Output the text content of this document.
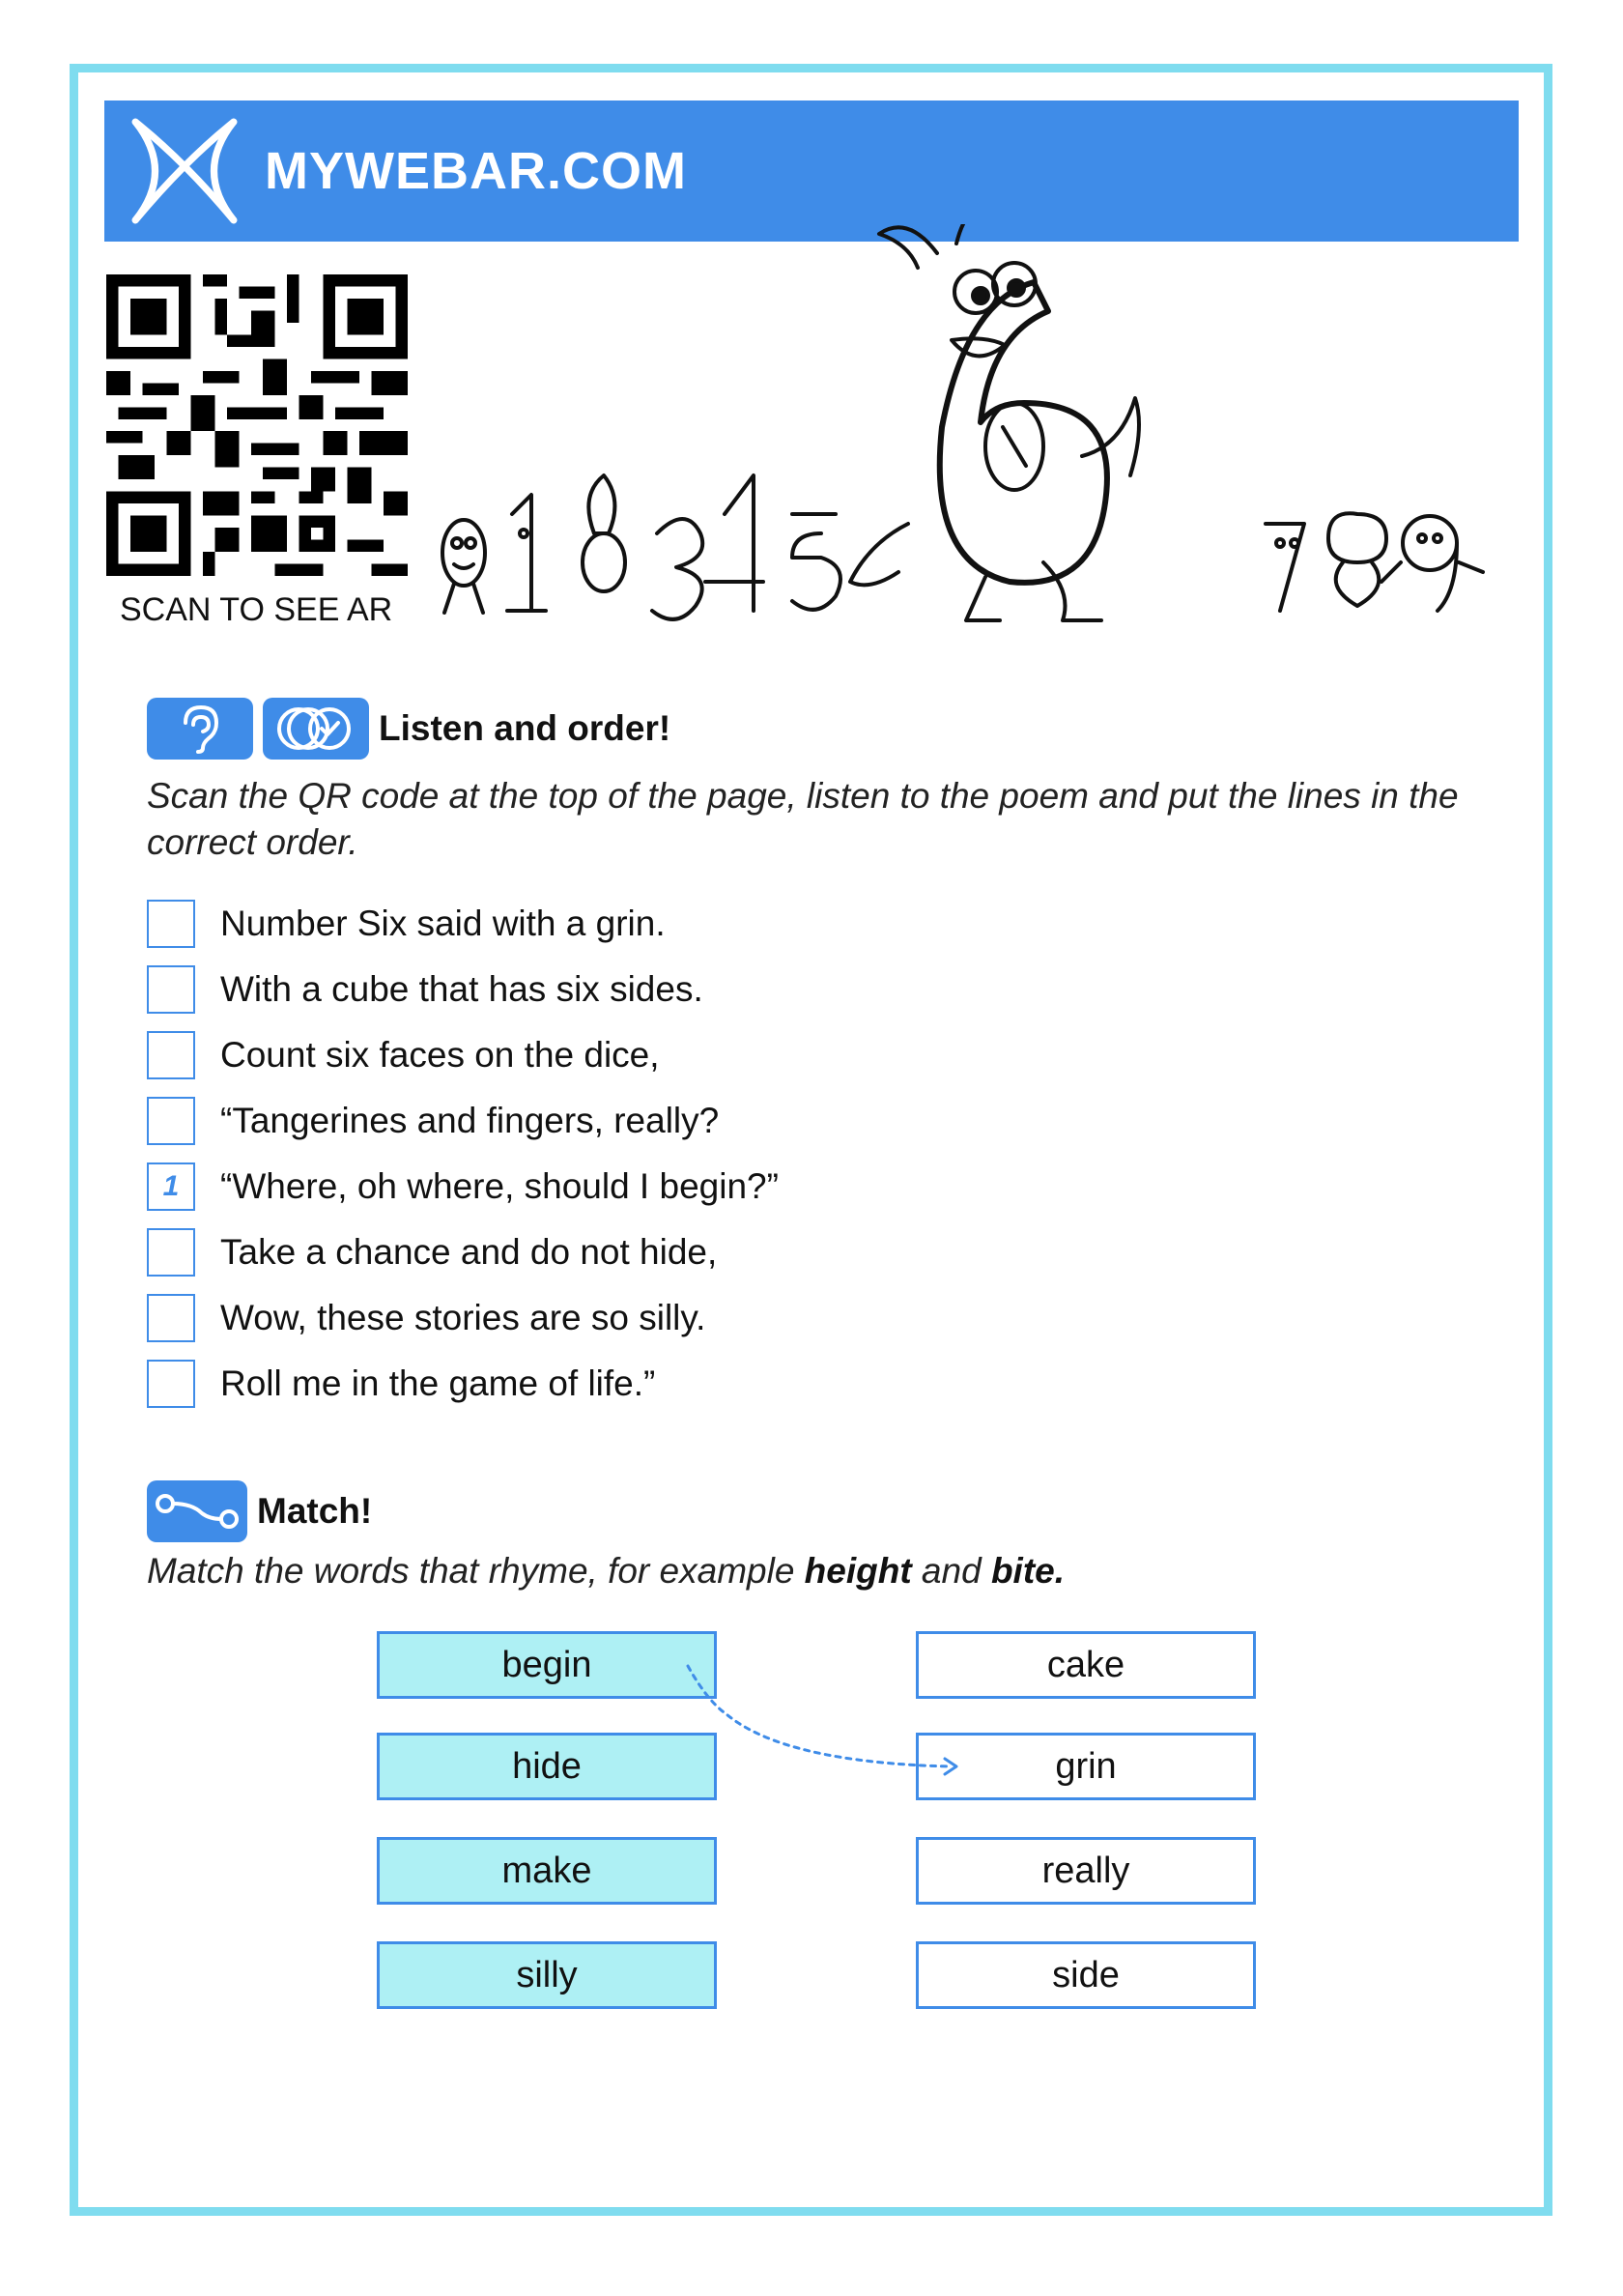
MYWEBAR.COM
SCAN TO SEE AR
Listen and order!
Scan the QR code at the top of the page, listen to the poem and put the lines in the correct order.
Number Six said with a grin.
With a cube that has six sides.
Count six faces on the dice,
“Tangerines and fingers, really?
1	“Where, oh where, should I begin?”
Take a chance and do not hide,
Wow, these stories are so silly.
Roll me in the game of life.”
Match!
Match the words that rhyme, for example height and bite.
begin
hide
make
silly
cake
grin
really
side
